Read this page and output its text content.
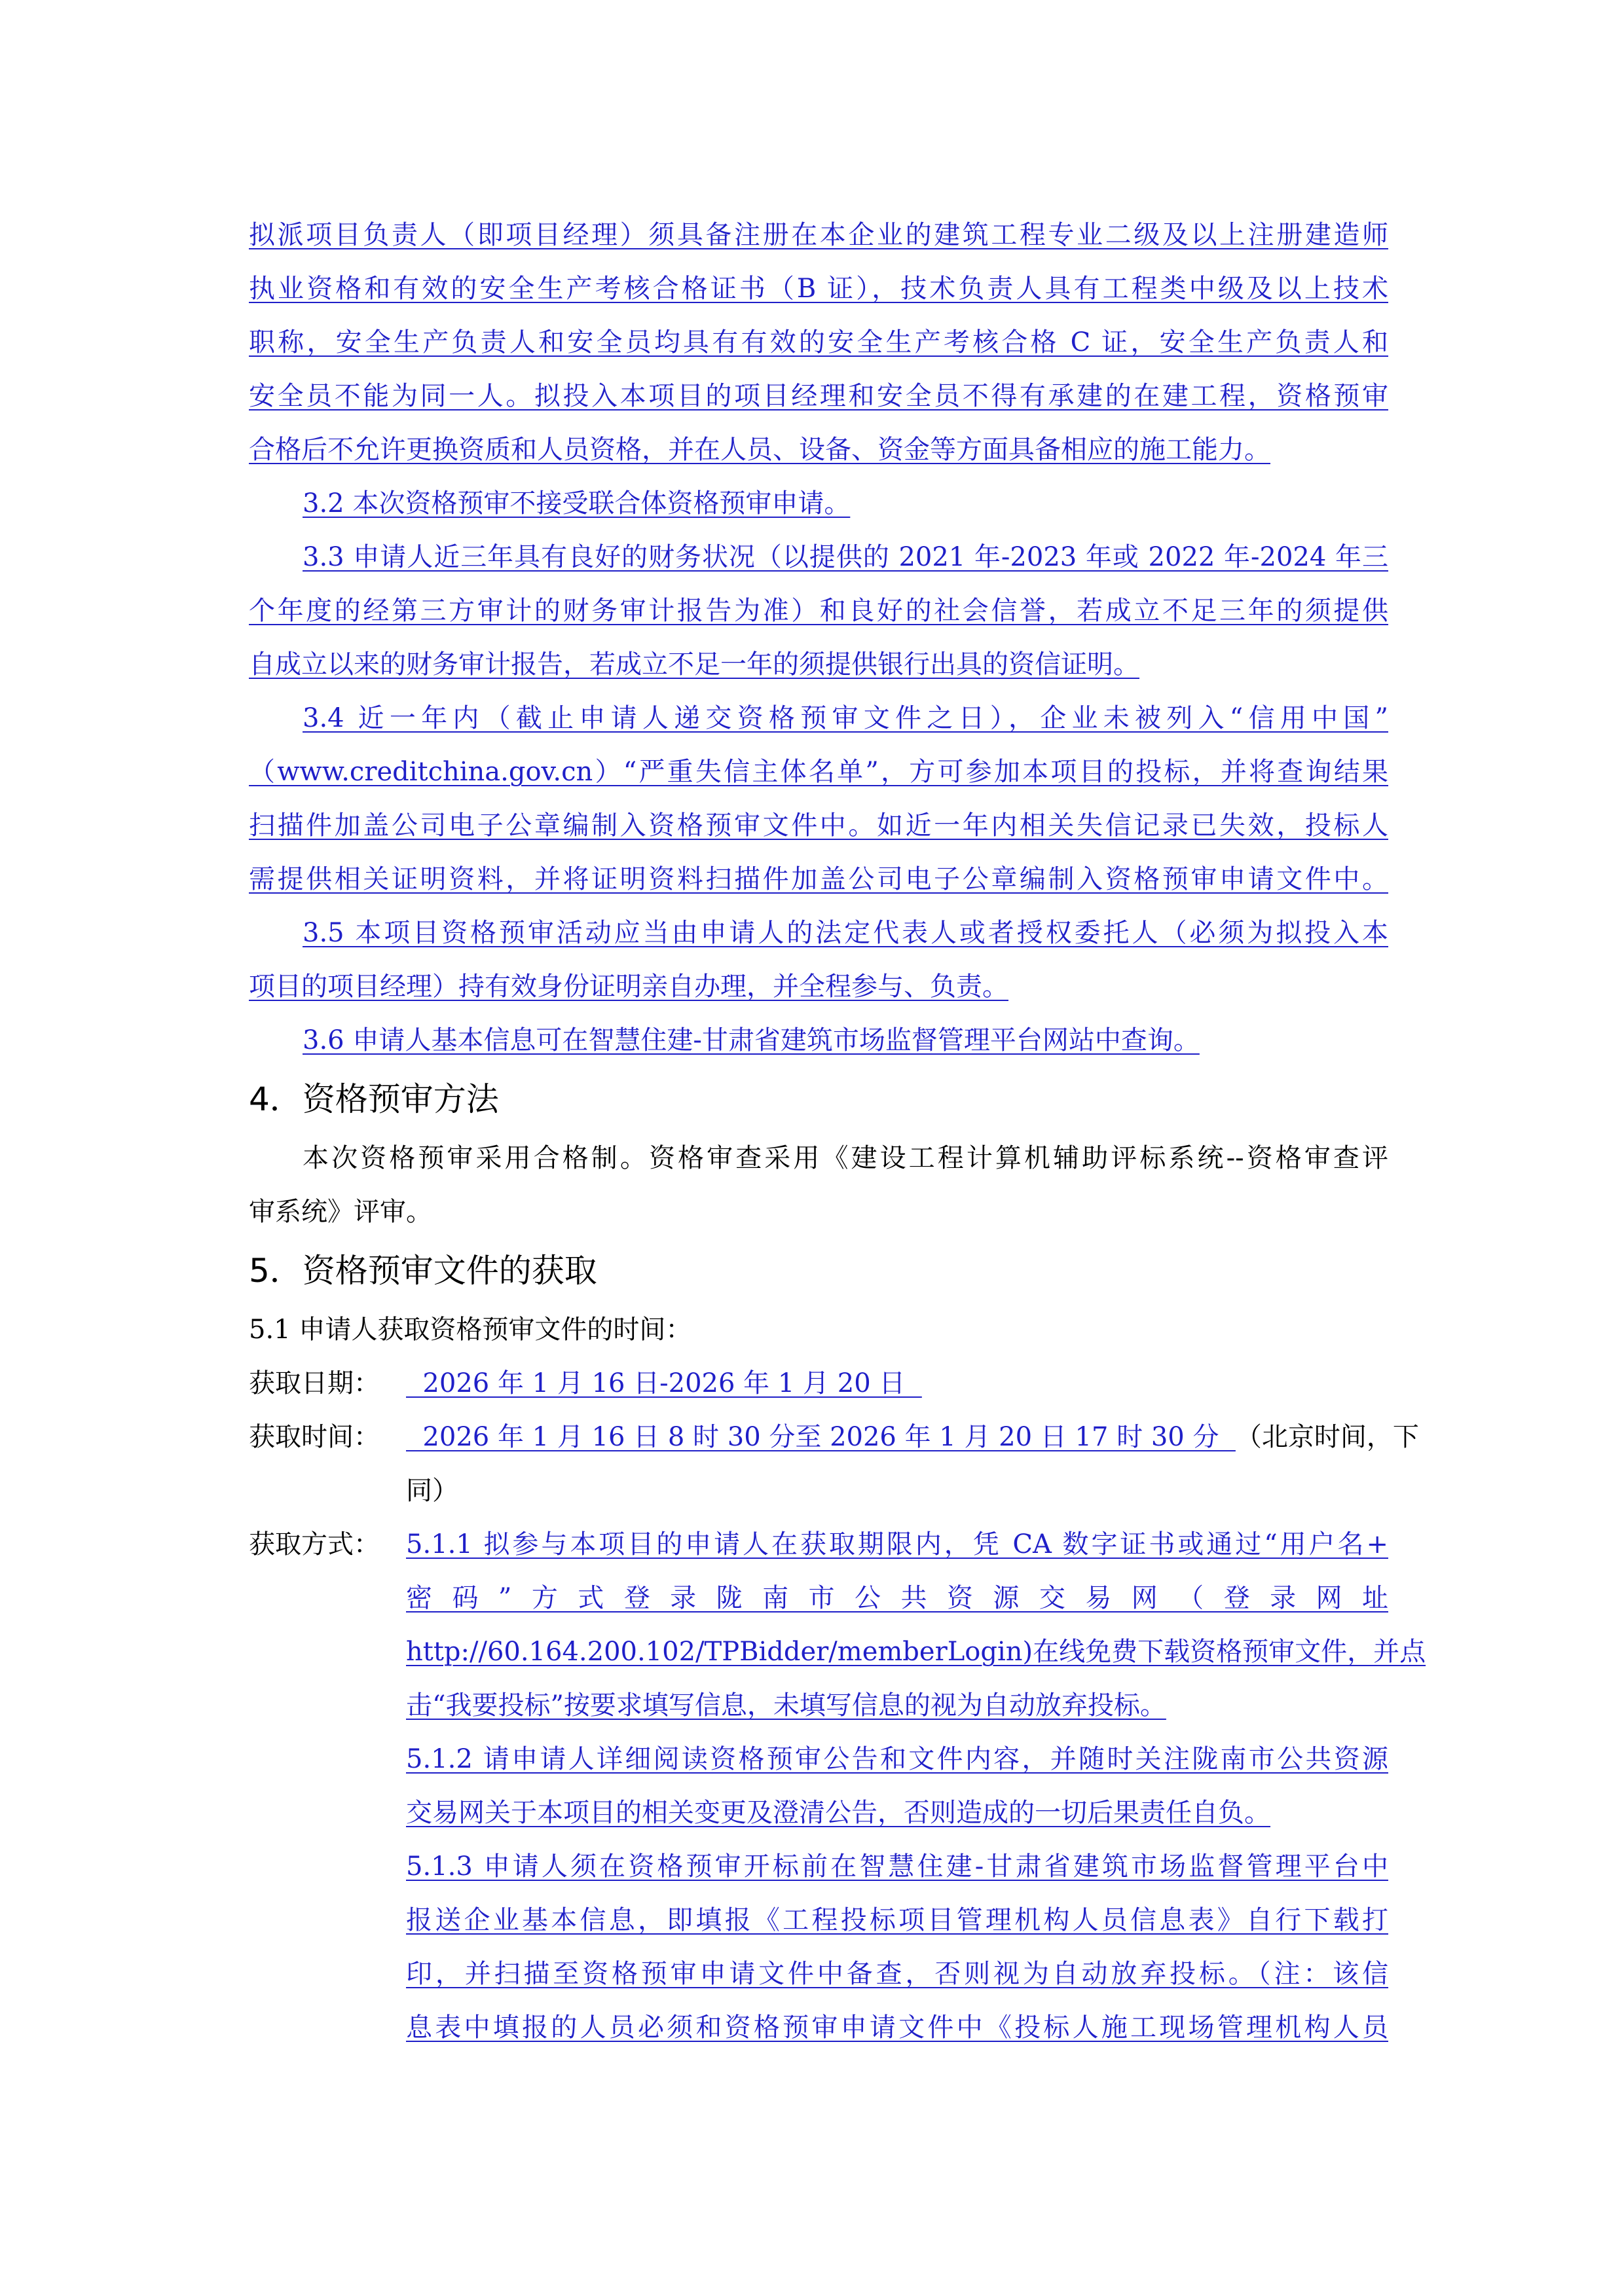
拟派项目负责人（即项目经理）须具备注册在本企业的建筑工程专业二级及以上注册建造师
执业资格和有效的安全生产考核合格证书（B 证），技术负责人具有工程类中级及以上技术
职称，安全生产负责人和安全员均具有有效的安全生产考核合格 C 证，安全生产负责人和
安全员不能为同一人。拟投入本项目的项目经理和安全员不得有承建的在建工程，资格预审
合格后不允许更换资质和人员资格，并在人员、设备、资金等方面具备相应的施工能力。
3.2 本次资格预审不接受联合体资格预审申请。
3.3 申请人近三年具有良好的财务状况（以提供的 2021 年-2023 年或 2022 年-2024 年三
个年度的经第三方审计的财务审计报告为准）和良好的社会信誉，若成立不足三年的须提供
自成立以来的财务审计报告，若成立不足一年的须提供银行出具的资信证明。
3.4 近一年内（截止申请人递交资格预审文件之日），企业未被列入“信用中国”
（www.creditchina.gov.cn）“严重失信主体名单”，方可参加本项目的投标，并将查询结果
扫描件加盖公司电子公章编制入资格预审文件中。如近一年内相关失信记录已失效，投标人
需提供相关证明资料，并将证明资料扫描件加盖公司电子公章编制入资格预审申请文件中。
3.5 本项目资格预审活动应当由申请人的法定代表人或者授权委托人（必须为拟投入本
项目的项目经理）持有效身份证明亲自办理，并全程参与、负责。
3.6 申请人基本信息可在智慧住建-甘肃省建筑市场监督管理平台网站中查询。
4．资格预审方法
本次资格预审采用合格制。资格审查采用《建设工程计算机辅助评标系统--资格审查评
审系统》评审。
5．资格预审文件的获取
5.1 申请人获取资格预审文件的时间：
获取日期：	2026 年 1 月 16 日-2026 年 1 月 20 日
获取时间：	2026 年 1 月 16 日 8 时 30 分至 2026 年 1 月 20 日 17 时 30 分  （北京时间，下
同）
获取方式：	5.1.1 拟参与本项目的申请人在获取期限内，凭 CA 数字证书或通过“用户名+
密码”方式登录陇南市公共资源交易网（登录网址
http://60.164.200.102/TPBidder/memberLogin)在线免费下载资格预审文件，并点
击“我要投标”按要求填写信息，未填写信息的视为自动放弃投标。
5.1.2 请申请人详细阅读资格预审公告和文件内容，并随时关注陇南市公共资源
交易网关于本项目的相关变更及澄清公告，否则造成的一切后果责任自负。
5.1.3 申请人须在资格预审开标前在智慧住建-甘肃省建筑市场监督管理平台中
报送企业基本信息，即填报《工程投标项目管理机构人员信息表》自行下载打
印，并扫描至资格预审申请文件中备查，否则视为自动放弃投标。（注：该信
息表中填报的人员必须和资格预审申请文件中《投标人施工现场管理机构人员
